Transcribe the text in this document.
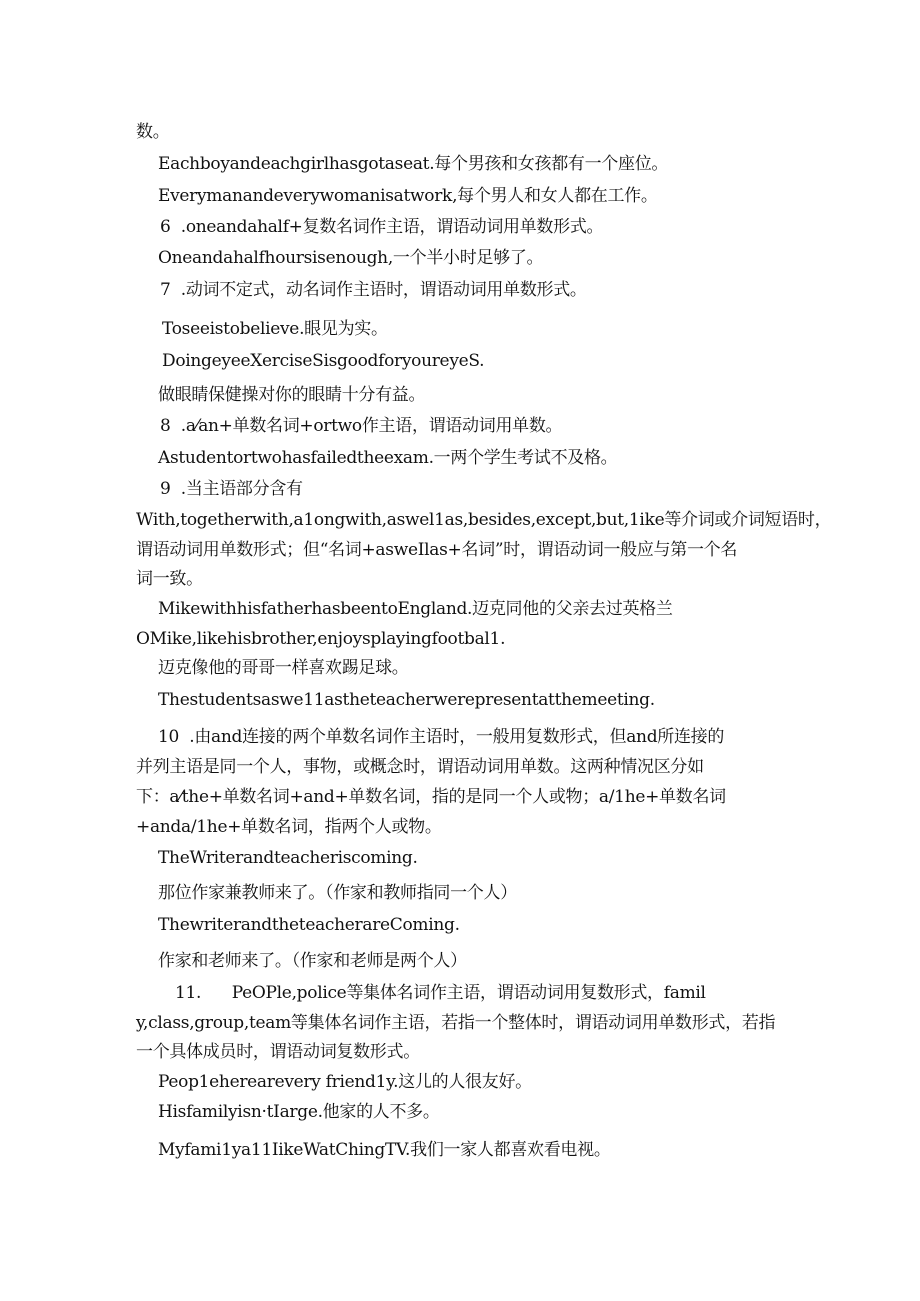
数。
Eachboyandeachgirlhasgotaseat.每个男孩和女孩都有一个座位。
Everymanandeverywomanisatwork,每个男人和女人都在工作。
6  .oneandahalf+复数名词作主语，谓语动词用单数形式。
Oneandahalfhoursisenough,一个半小时足够了。
7  .动词不定式，动名词作主语时，谓语动词用单数形式。
Toseeistobelieve.眼见为实。
DoingeyeeXerciseSisgoodforyoureyeS.
做眼睛保健操对你的眼睛十分有益。
8  .a⁄an+单数名词+ortwo作主语，谓语动词用单数。
Astudentortwohasfailedtheexam.一两个学生考试不及格。
9  .当主语部分含有
With,togetherwith,a1ongwith,aswel1as,besides,except,but,1ike等介词或介词短语时，
谓语动词用单数形式；但“名词+asweIlas+名词”时，谓语动词一般应与第一个名
词一致。
MikewithhisfatherhasbeentoEngland.迈克同他的父亲去过英格兰
OMike,likehisbrother,enjoysplayingfootbal1.
迈克像他的哥哥一样喜欢踢足球。
Thestudentsaswe11astheteacherwerepresentatthemeeting.
10  .由and连接的两个单数名词作主语时，一般用复数形式，但and所连接的
并列主语是同一个人，事物，或概念时，谓语动词用单数。这两种情况区分如
下：a⁄the+单数名词+and+单数名词，指的是同一个人或物；a/1he+单数名词
+anda/1he+单数名词，指两个人或物。
TheWriterandteacheriscoming.
那位作家兼教师来了。（作家和教师指同一个人）
ThewriterandtheteacherareComing.
作家和老师来了。（作家和老师是两个人）
11.      PeOPle,police等集体名词作主语，谓语动词用复数形式，famil
y,class,group,team等集体名词作主语，若指一个整体时，谓语动词用单数形式，若指
一个具体成员时，谓语动词复数形式。
Peop1eherearevery friend1y.这儿的人很友好。
Hisfamilyisn·tIarge.他家的人不多。
Myfami1ya11IikeWatChingTV.我们一家人都喜欢看电视。
